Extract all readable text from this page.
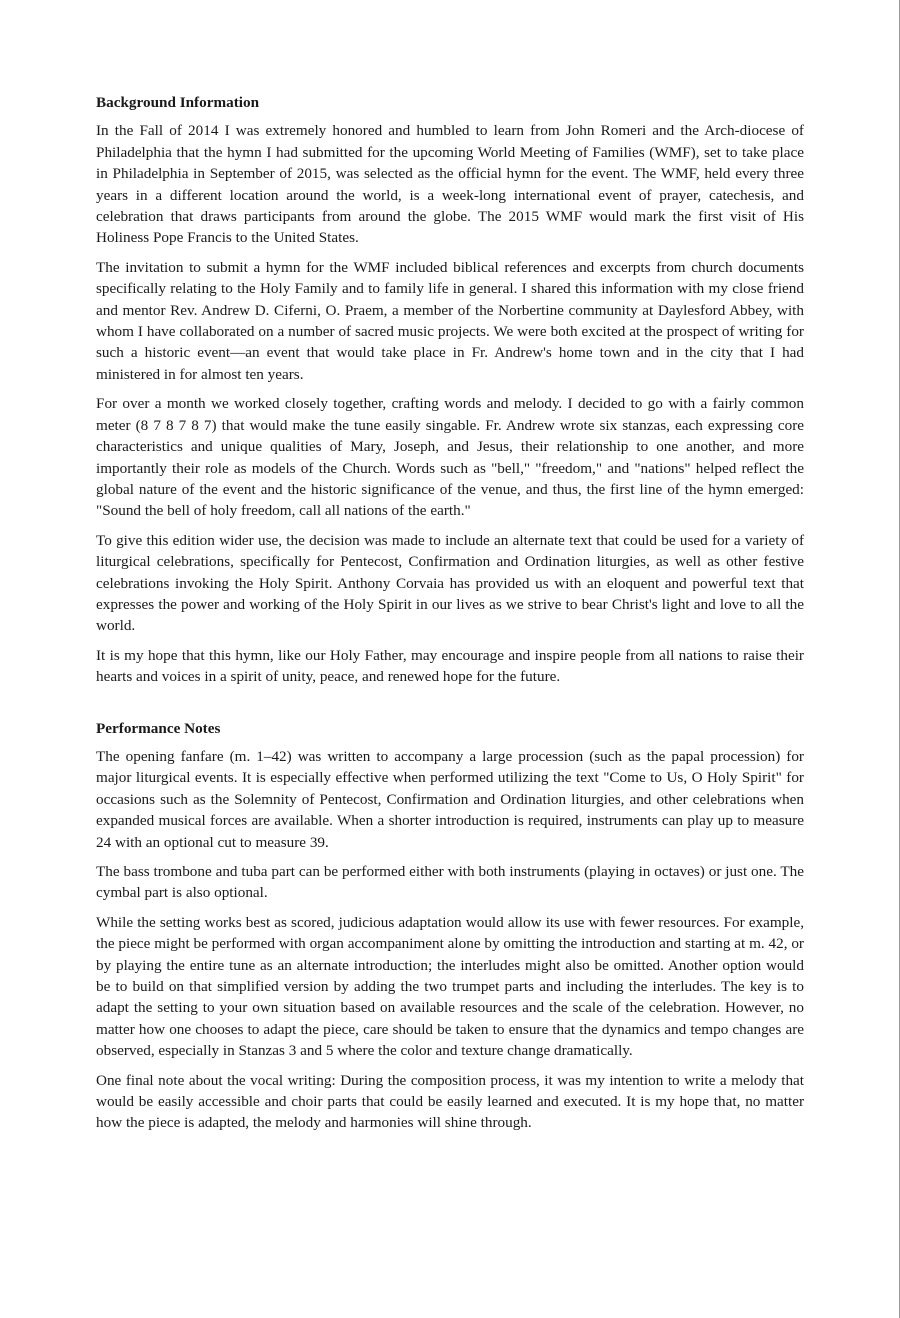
Background Information

In the Fall of 2014 I was extremely honored and humbled to learn from John Romeri and the Arch-diocese of Philadelphia that the hymn I had submitted for the upcoming World Meeting of Families (WMF), set to take place in Philadelphia in September of 2015, was selected as the official hymn for the event. The WMF, held every three years in a different location around the world, is a week-long international event of prayer, catechesis, and celebration that draws participants from around the globe. The 2015 WMF would mark the first visit of His Holiness Pope Francis to the United States.

The invitation to submit a hymn for the WMF included biblical references and excerpts from church documents specifically relating to the Holy Family and to family life in general. I shared this information with my close friend and mentor Rev. Andrew D. Ciferni, O. Praem, a member of the Norbertine community at Daylesford Abbey, with whom I have collaborated on a number of sacred music projects. We were both excited at the prospect of writing for such a historic event—an event that would take place in Fr. Andrew's home town and in the city that I had ministered in for almost ten years.

For over a month we worked closely together, crafting words and melody. I decided to go with a fairly common meter (8 7 8 7 8 7) that would make the tune easily singable. Fr. Andrew wrote six stanzas, each expressing core characteristics and unique qualities of Mary, Joseph, and Jesus, their relationship to one another, and more importantly their role as models of the Church. Words such as "bell," "freedom," and "nations" helped reflect the global nature of the event and the historic significance of the venue, and thus, the first line of the hymn emerged: "Sound the bell of holy freedom, call all nations of the earth."

To give this edition wider use, the decision was made to include an alternate text that could be used for a variety of liturgical celebrations, specifically for Pentecost, Confirmation and Ordination liturgies, as well as other festive celebrations invoking the Holy Spirit. Anthony Corvaia has provided us with an eloquent and powerful text that expresses the power and working of the Holy Spirit in our lives as we strive to bear Christ's light and love to all the world.

It is my hope that this hymn, like our Holy Father, may encourage and inspire people from all nations to raise their hearts and voices in a spirit of unity, peace, and renewed hope for the future.

Performance Notes

The opening fanfare (m. 1–42) was written to accompany a large procession (such as the papal procession) for major liturgical events. It is especially effective when performed utilizing the text "Come to Us, O Holy Spirit" for occasions such as the Solemnity of Pentecost, Confirmation and Ordination liturgies, and other celebrations when expanded musical forces are available. When a shorter introduction is required, instruments can play up to measure 24 with an optional cut to measure 39.

The bass trombone and tuba part can be performed either with both instruments (playing in octaves) or just one. The cymbal part is also optional.

While the setting works best as scored, judicious adaptation would allow its use with fewer resources. For example, the piece might be performed with organ accompaniment alone by omitting the introduction and starting at m. 42, or by playing the entire tune as an alternate introduction; the interludes might also be omitted. Another option would be to build on that simplified version by adding the two trumpet parts and including the interludes. The key is to adapt the setting to your own situation based on available resources and the scale of the celebration. However, no matter how one chooses to adapt the piece, care should be taken to ensure that the dynamics and tempo changes are observed, especially in Stanzas 3 and 5 where the color and texture change dramatically.

One final note about the vocal writing: During the composition process, it was my intention to write a melody that would be easily accessible and choir parts that could be easily learned and executed. It is my hope that, no matter how the piece is adapted, the melody and harmonies will shine through.
